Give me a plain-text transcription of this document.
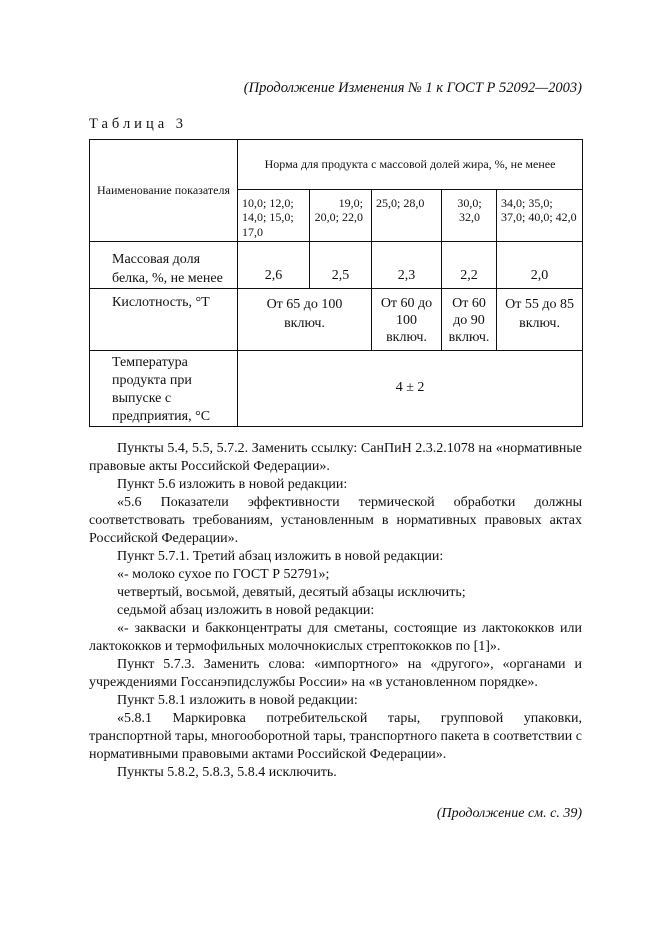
(Продолжение Изменения № 1 к ГОСТ Р 52092—2003)
Таблица 3
Наименование показателя	Норма для продукта с массовой долей жира, %, не менее				
	10,0; 12,0; 14,0; 15,0; 17,0	19,0; 20,0; 22,0	25,0; 28,0	30,0; 32,0	34,0; 35,0; 37,0; 40,0; 42,0
Массовая доля белка, %, не менее	2,6	2,5	2,3	2,2	2,0
Кислотность, °Т	От 65 до 100 включ.		От 60 до 100 включ.	От 60 до 90 включ.	От 55 до 85 включ.
Температура продукта при выпуске с предприятия, °С	4 ± 2				

Пункты 5.4, 5.5, 5.7.2. Заменить ссылку: СанПиН 2.3.2.1078 на «нормативные правовые акты Российской Федерации».

Пункт 5.6 изложить в новой редакции:

«5.6 Показатели эффективности термической обработки должны соответствовать требованиям, установленным в нормативных правовых актах Российской Федерации».

Пункт 5.7.1. Третий абзац изложить в новой редакции:

«- молоко сухое по ГОСТ Р 52791»;

четвертый, восьмой, девятый, десятый абзацы исключить;

седьмой абзац изложить в новой редакции:

«- закваски и бакконцентраты для сметаны, состоящие из лактококков или лактококков и термофильных молочнокислых стрептококков по [1]».

Пункт 5.7.3. Заменить слова: «импортного» на «другого», «органами и учреждениями Госсанэпидслужбы России» на «в установленном порядке».

Пункт 5.8.1 изложить в новой редакции:

«5.8.1 Маркировка потребительской тары, групповой упаковки, транспортной тары, многооборотной тары, транспортного пакета в соответствии с нормативными правовыми актами Российской Федерации».

Пункты 5.8.2, 5.8.3, 5.8.4 исключить.

(Продолжение см. с. 39)
